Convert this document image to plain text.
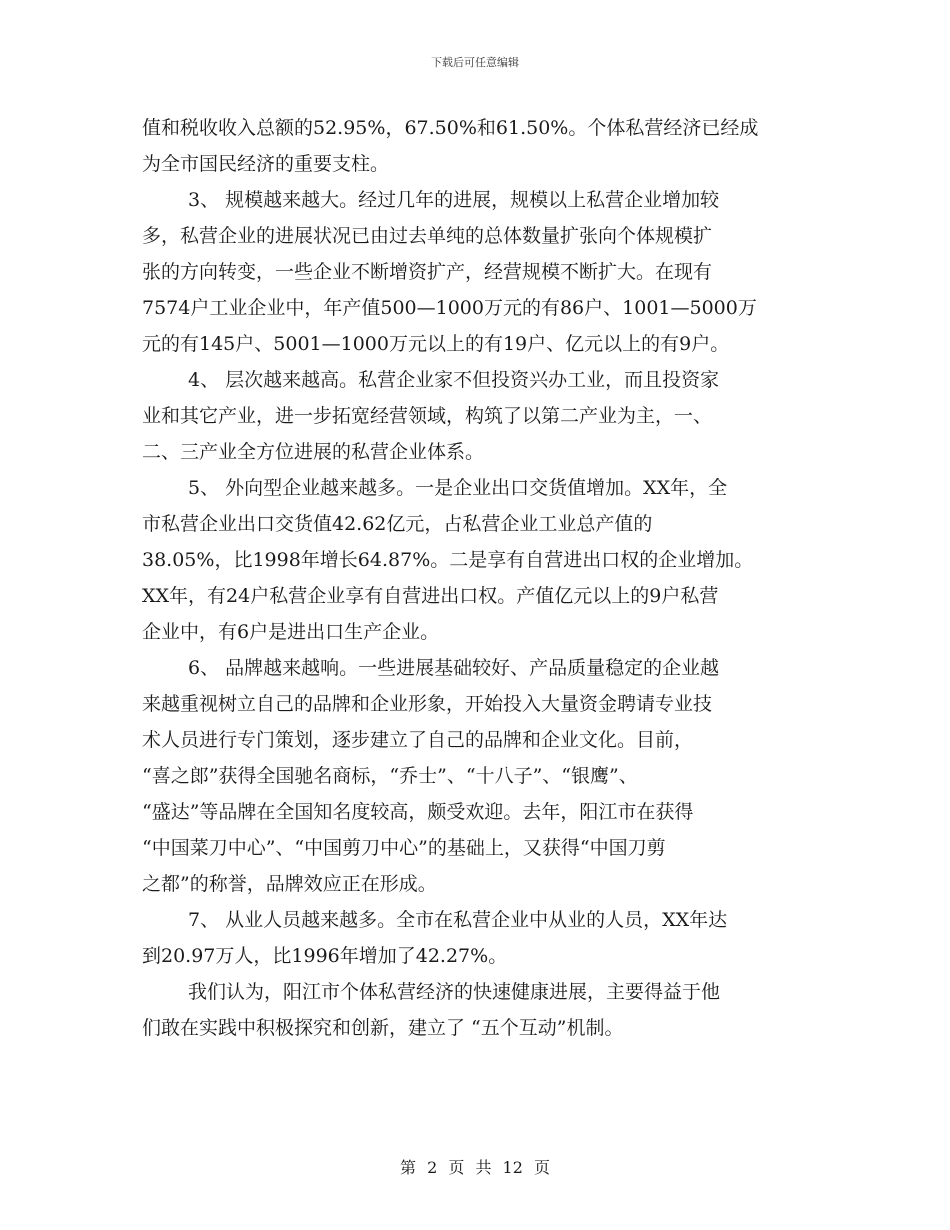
下载后可任意编辑
值和税收收入总额的52.95%，67.50%和61.50%。个体私营经济已经成
为全市国民经济的重要支柱。
3、 规模越来越大。经过几年的进展，规模以上私营企业增加较
多，私营企业的进展状况已由过去单纯的总体数量扩张向个体规模扩
张的方向转变，一些企业不断增资扩产，经营规模不断扩大。在现有
7574户工业企业中，年产值500—1000万元的有86户、1001—5000万
元的有145户、5001—1000万元以上的有19户、亿元以上的有9户。
4、 层次越来越高。私营企业家不但投资兴办工业，而且投资家
业和其它产业，进一步拓宽经营领域，构筑了以第二产业为主，一、
二、三产业全方位进展的私营企业体系。
5、 外向型企业越来越多。一是企业出口交货值增加。XX年，全
市私营企业出口交货值42.62亿元，占私营企业工业总产值的
38.05%，比1998年增长64.87%。二是享有自营进出口权的企业增加。
XX年，有24户私营企业享有自营进出口权。产值亿元以上的9户私营
企业中，有6户是进出口生产企业。
6、 品牌越来越响。一些进展基础较好、产品质量稳定的企业越
来越重视树立自己的品牌和企业形象，开始投入大量资金聘请专业技
术人员进行专门策划，逐步建立了自己的品牌和企业文化。目前，
“喜之郎”获得全国驰名商标，“乔士”、“十八子”、“银鹰”、
“盛达”等品牌在全国知名度较高，颇受欢迎。去年，阳江市在获得
“中国菜刀中心”、“中国剪刀中心”的基础上，又获得“中国刀剪
之都”的称誉，品牌效应正在形成。
7、 从业人员越来越多。全市在私营企业中从业的人员，XX年达
到20.97万人，比1996年增加了42.27%。
我们认为，阳江市个体私营经济的快速健康进展，主要得益于他
们敢在实践中积极探究和创新，建立了 “五个互动”机制。
第 2 页 共 12 页
